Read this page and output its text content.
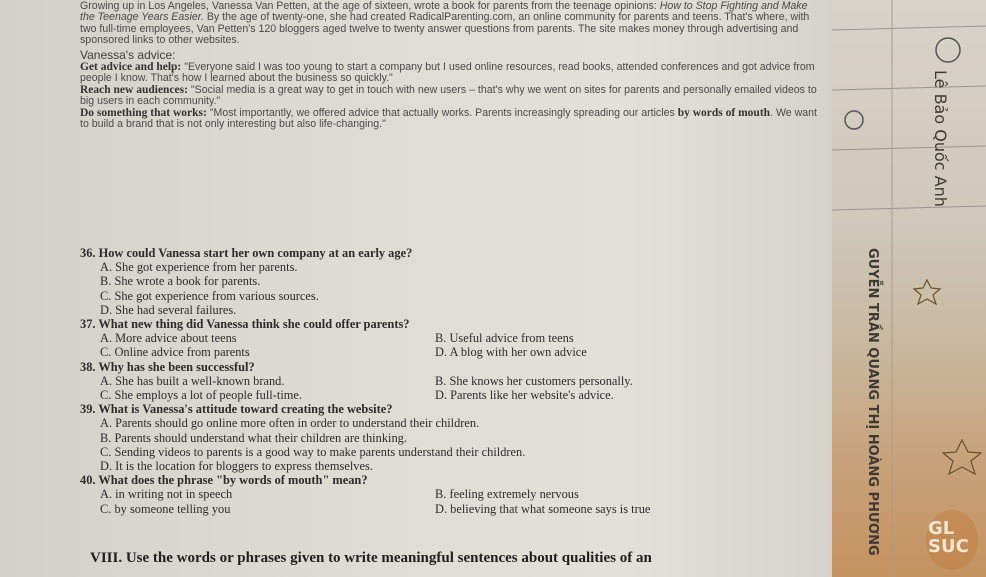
Growing up in Los Angeles, Vanessa Van Petten, at the age of sixteen, wrote a book for parents from the teenage opinions: How to Stop Fighting and Make the Teenage Years Easier. By the age of twenty-one, she had created RadicalParenting.com, an online community for parents and teens. That's where, with two full-time employees, Van Petten's 120 bloggers aged twelve to twenty answer questions from parents. The site makes money through advertising and sponsored links to other websites.

Vanessa's advice:

Get advice and help: "Everyone said I was too young to start a company but I used online resources, read books, attended conferences and got advice from people I know. That's how I learned about the business so quickly."

Reach new audiences: "Social media is a great way to get in touch with new users – that's why we went on sites for parents and personally emailed videos to big users in each community."

Do something that works: "Most importantly, we offered advice that actually works. Parents increasingly spreading our articles by words of mouth. We want to build a brand that is not only interesting but also life-changing."

36. How could Vanessa start her own company at an early age?

A. She got experience from her parents.

B. She wrote a book for parents.

C. She got experience from various sources.

D. She had several failures.

37. What new thing did Vanessa think she could offer parents?

A. More advice about teens	B. Useful advice from teens
C. Online advice from parents	D. A blog with her own advice

38. Why has she been successful?

A. She has built a well-known brand.	B. She knows her customers personally.
C. She employs a lot of people full-time.	D. Parents like her website's advice.

39. What is Vanessa's attitude toward creating the website?

A. Parents should go online more often in order to understand their children.

B. Parents should understand what their children are thinking.

C. Sending videos to parents is a good way to make parents understand their children.

D. It is the location for bloggers to express themselves.

40. What does the phrase "by words of mouth" mean?

A. in writing not in speech	B. feeling extremely nervous
C. by someone telling you	D. believing that what someone says is true
VIII. Use the words or phrases given to write meaningful sentences about qualities of an
Lê Bảo Quốc Anh
GUYỄN TRẦN QUANG THỊ HOÀNG PHƯƠNG	GL SUC
